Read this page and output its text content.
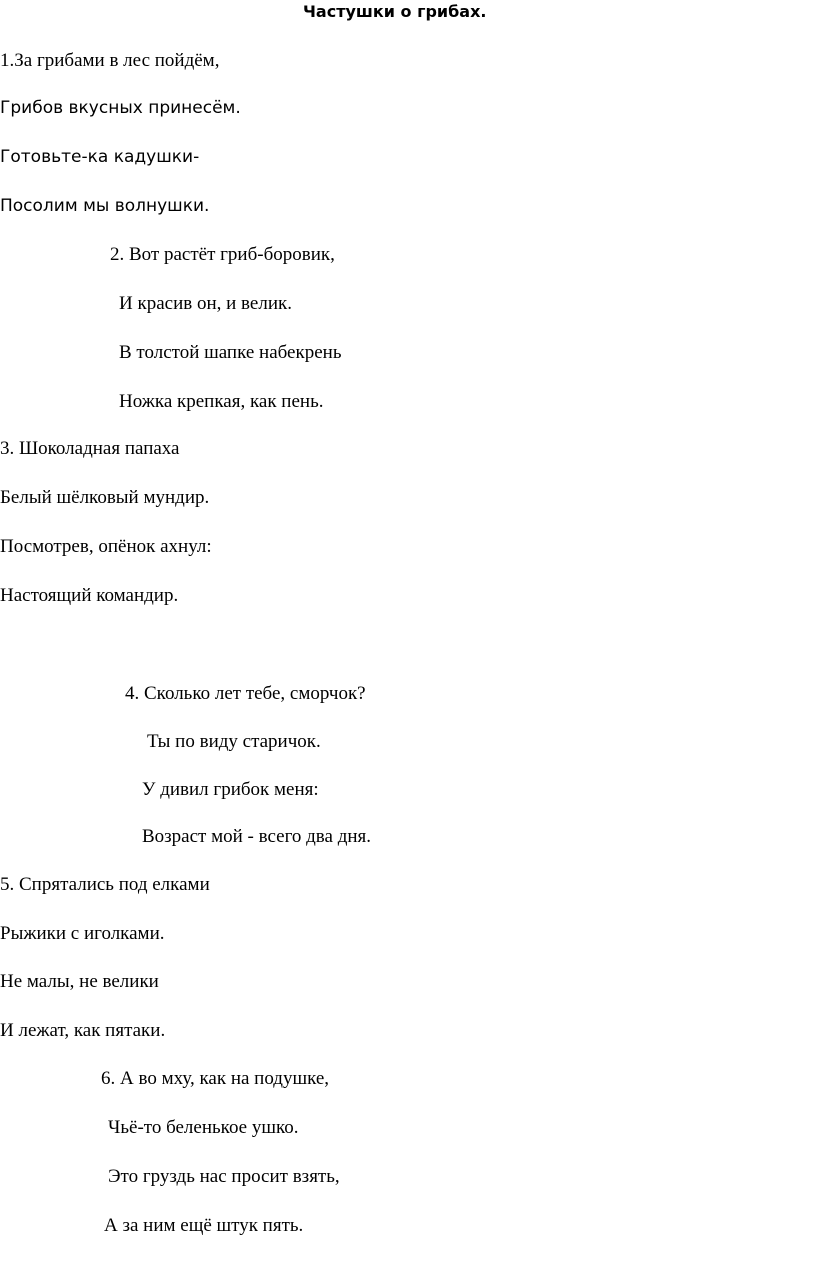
Частушки о грибах.
1.За грибами в лес пойдём,
Грибов вкусных принесём.
Готовьте-ка кадушки-
Посолим мы волнушки.
2. Вот растёт гриб-боровик,
И красив он, и велик.
В толстой шапке набекрень
Ножка крепкая, как пень.
3. Шоколадная папаха
Белый шёлковый мундир.
Посмотрев, опёнок ахнул:
Настоящий командир.
4. Сколько лет тебе, сморчок?
Ты по виду старичок.
У дивил грибок меня:
Возраст мой - всего два дня.
5. Спрятались под елками
Рыжики с иголками.
Не малы, не велики
И лежат, как пятаки.
6. А во мху, как на подушке,
Чьё-то беленькое ушко.
Это груздь нас просит взять,
А за ним ещё штук пять.
